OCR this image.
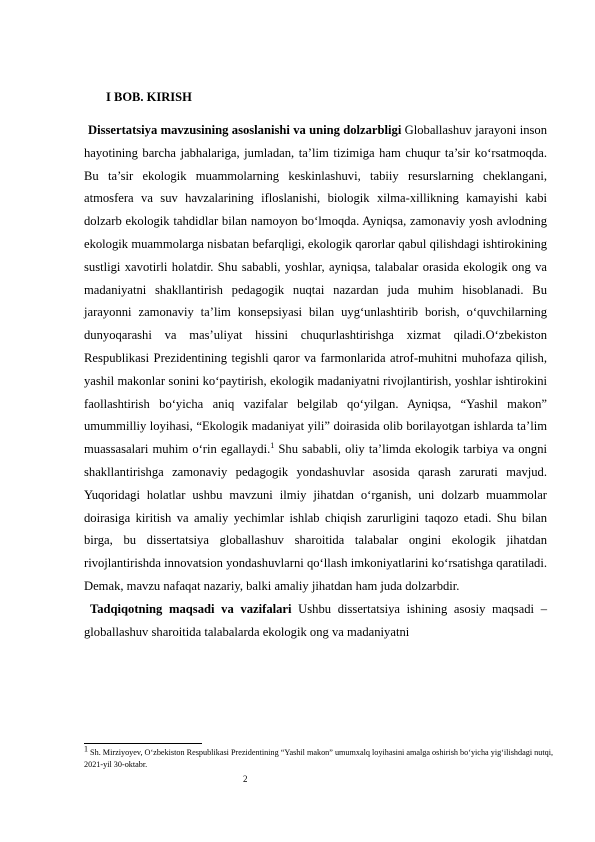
I BOB. KIRISH

Dissertatsiya mavzusining asoslanishi va uning dolzarbligi Globallashuv jarayoni inson hayotining barcha jabhalariga, jumladan, ta’lim tizimiga ham chuqur ta’sir ko‘rsatmoqda. Bu ta’sir ekologik muammolarning keskinlashuvi, tabiiy resurslarning cheklangani, atmosfera va suv havzalarining ifloslanishi, biologik xilma-xillikning kamayishi kabi dolzarb ekologik tahdidlar bilan namoyon bo‘lmoqda. Ayniqsa, zamonaviy yosh avlodning ekologik muammolarga nisbatan befarqligi, ekologik qarorlar qabul qilishdagi ishtirokining sustligi xavotirli holatdir. Shu sababli, yoshlar, ayniqsa, talabalar orasida ekologik ong va madaniyatni shakllantirish pedagogik nuqtai nazardan juda muhim hisoblanadi. Bu jarayonni zamonaviy ta’lim konsepsiyasi bilan uyg‘unlashtirib borish, o‘quvchilarning dunyoqarashi va mas’uliyat hissini chuqurlashtirishga xizmat qiladi.O‘zbekiston Respublikasi Prezidentining tegishli qaror va farmonlarida atrof-muhitni muhofaza qilish, yashil makonlar sonini ko‘paytirish, ekologik madaniyatni rivojlantirish, yoshlar ishtirokini faollashtirish bo‘yicha aniq vazifalar belgilab qo‘yilgan. Ayniqsa, “Yashil makon” umummilliy loyihasi, “Ekologik madaniyat yili” doirasida olib borilayotgan ishlarda ta’lim muassasalari muhim o‘rin egallaydi.$^1$ Shu sababli, oliy ta’limda ekologik tarbiya va ongni shakllantirishga zamonaviy pedagogik yondashuvlar asosida qarash zarurati mavjud. Yuqoridagi holatlar ushbu mavzuni ilmiy jihatdan o‘rganish, uni dolzarb muammolar doirasiga kiritish va amaliy yechimlar ishlab chiqish zarurligini taqozo etadi. Shu bilan birga, bu dissertatsiya globallashuv sharoitida talabalar ongini ekologik jihatdan rivojlantirishda innovatsion yondashuvlarni qo‘llash imkoniyatlarini ko‘rsatishga qaratiladi. Demak, mavzu nafaqat nazariy, balki amaliy jihatdan ham juda dolzarbdir.

Tadqiqotning maqsadi va vazifalari Ushbu dissertatsiya ishining asosiy maqsadi – globallashuv sharoitida talabalarda ekologik ong va madaniyatni

$^1$ Sh. Mirziyoyev, O‘zbekiston Respublikasi Prezidentining “Yashil makon” umumxalq loyihasini amalga oshirish bo‘yicha yig‘ilishdagi nutqi, 2021-yil 30-oktabr.
2
